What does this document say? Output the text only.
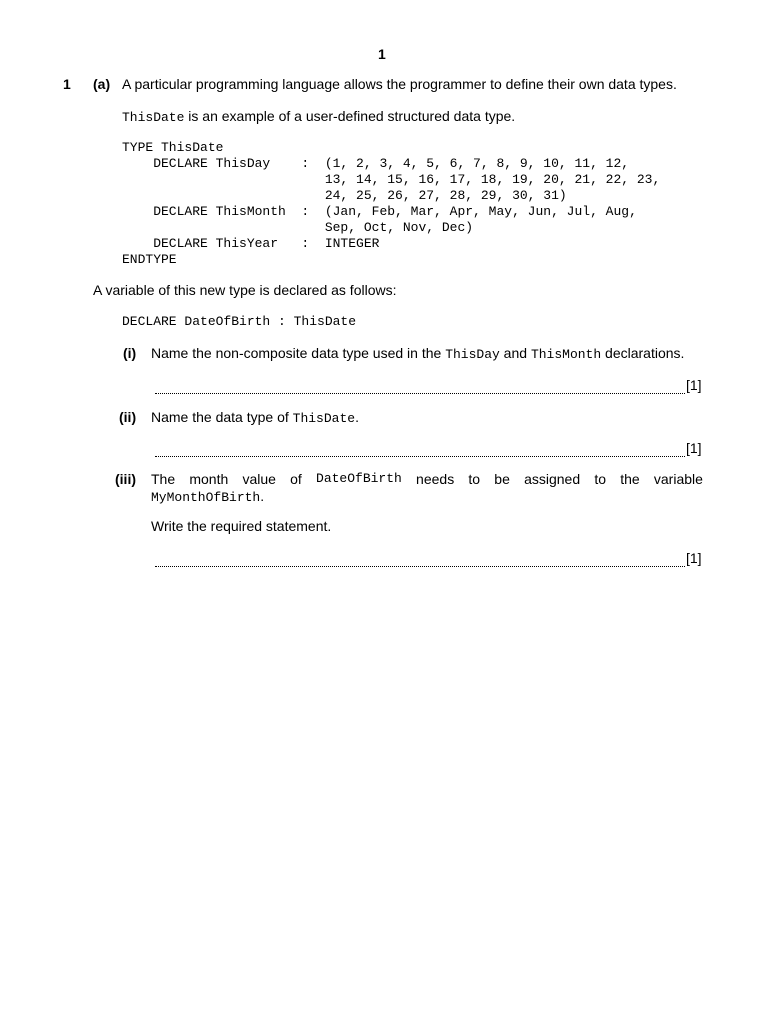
1
1 (a) A particular programming language allows the programmer to define their own data types.
ThisDate is an example of a user-defined structured data type.
TYPE ThisDate
DECLARE ThisDay    :  (1, 2, 3, 4, 5, 6, 7, 8, 9, 10, 11, 12,
13, 14, 15, 16, 17, 18, 19, 20, 21, 22, 23,
24, 25, 26, 27, 28, 29, 30, 31)
DECLARE ThisMonth  :  (Jan, Feb, Mar, Apr, May, Jun, Jul, Aug,
Sep, Oct, Nov, Dec)
DECLARE ThisYear   :  INTEGER
ENDTYPE
A variable of this new type is declared as follows:
DECLARE DateOfBirth : ThisDate
(i) Name the non-composite data type used in the ThisDay and ThisMonth declarations.
[1]
(ii) Name the data type of ThisDate.
[1]
(iii) The month value of DateOfBirth needs to be assigned to the variable
MyMonthOfBirth.
Write the required statement.
[1]
